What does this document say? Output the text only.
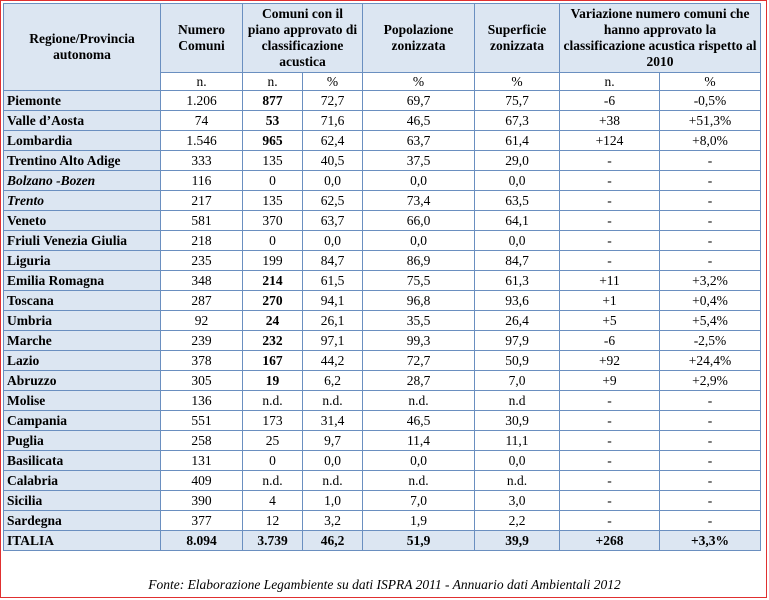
Regione/Provincia autonoma	Numero Comuni	Comuni con il piano approvato di classificazione acustica		Popolazione zonizzata	Superficie zonizzata	Variazione numero comuni che hanno approvato la classificazione acustica rispetto al 2010	
	n.	n.	%	%	%	n.	%
Piemonte	1.206	877	72,7	69,7	75,7	-6	-0,5%
Valle d’Aosta	74	53	71,6	46,5	67,3	+38	+51,3%
Lombardia	1.546	965	62,4	63,7	61,4	+124	+8,0%
Trentino Alto Adige	333	135	40,5	37,5	29,0	-	-
Bolzano -Bozen	116	0	0,0	0,0	0,0	-	-
Trento	217	135	62,5	73,4	63,5	-	-
Veneto	581	370	63,7	66,0	64,1	-	-
Friuli Venezia Giulia	218	0	0,0	0,0	0,0	-	-
Liguria	235	199	84,7	86,9	84,7	-	-
Emilia Romagna	348	214	61,5	75,5	61,3	+11	+3,2%
Toscana	287	270	94,1	96,8	93,6	+1	+0,4%
Umbria	92	24	26,1	35,5	26,4	+5	+5,4%
Marche	239	232	97,1	99,3	97,9	-6	-2,5%
Lazio	378	167	44,2	72,7	50,9	+92	+24,4%
Abruzzo	305	19	6,2	28,7	7,0	+9	+2,9%
Molise	136	n.d.	n.d.	n.d.	n.d	-	-
Campania	551	173	31,4	46,5	30,9	-	-
Puglia	258	25	9,7	11,4	11,1	-	-
Basilicata	131	0	0,0	0,0	0,0	-	-
Calabria	409	n.d.	n.d.	n.d.	n.d.	-	-
Sicilia	390	4	1,0	7,0	3,0	-	-
Sardegna	377	12	3,2	1,9	2,2	-	-
ITALIA	8.094	3.739	46,2	51,9	39,9	+268	+3,3%
Fonte: Elaborazione Legambiente su dati ISPRA 2011 - Annuario dati Ambientali 2012
